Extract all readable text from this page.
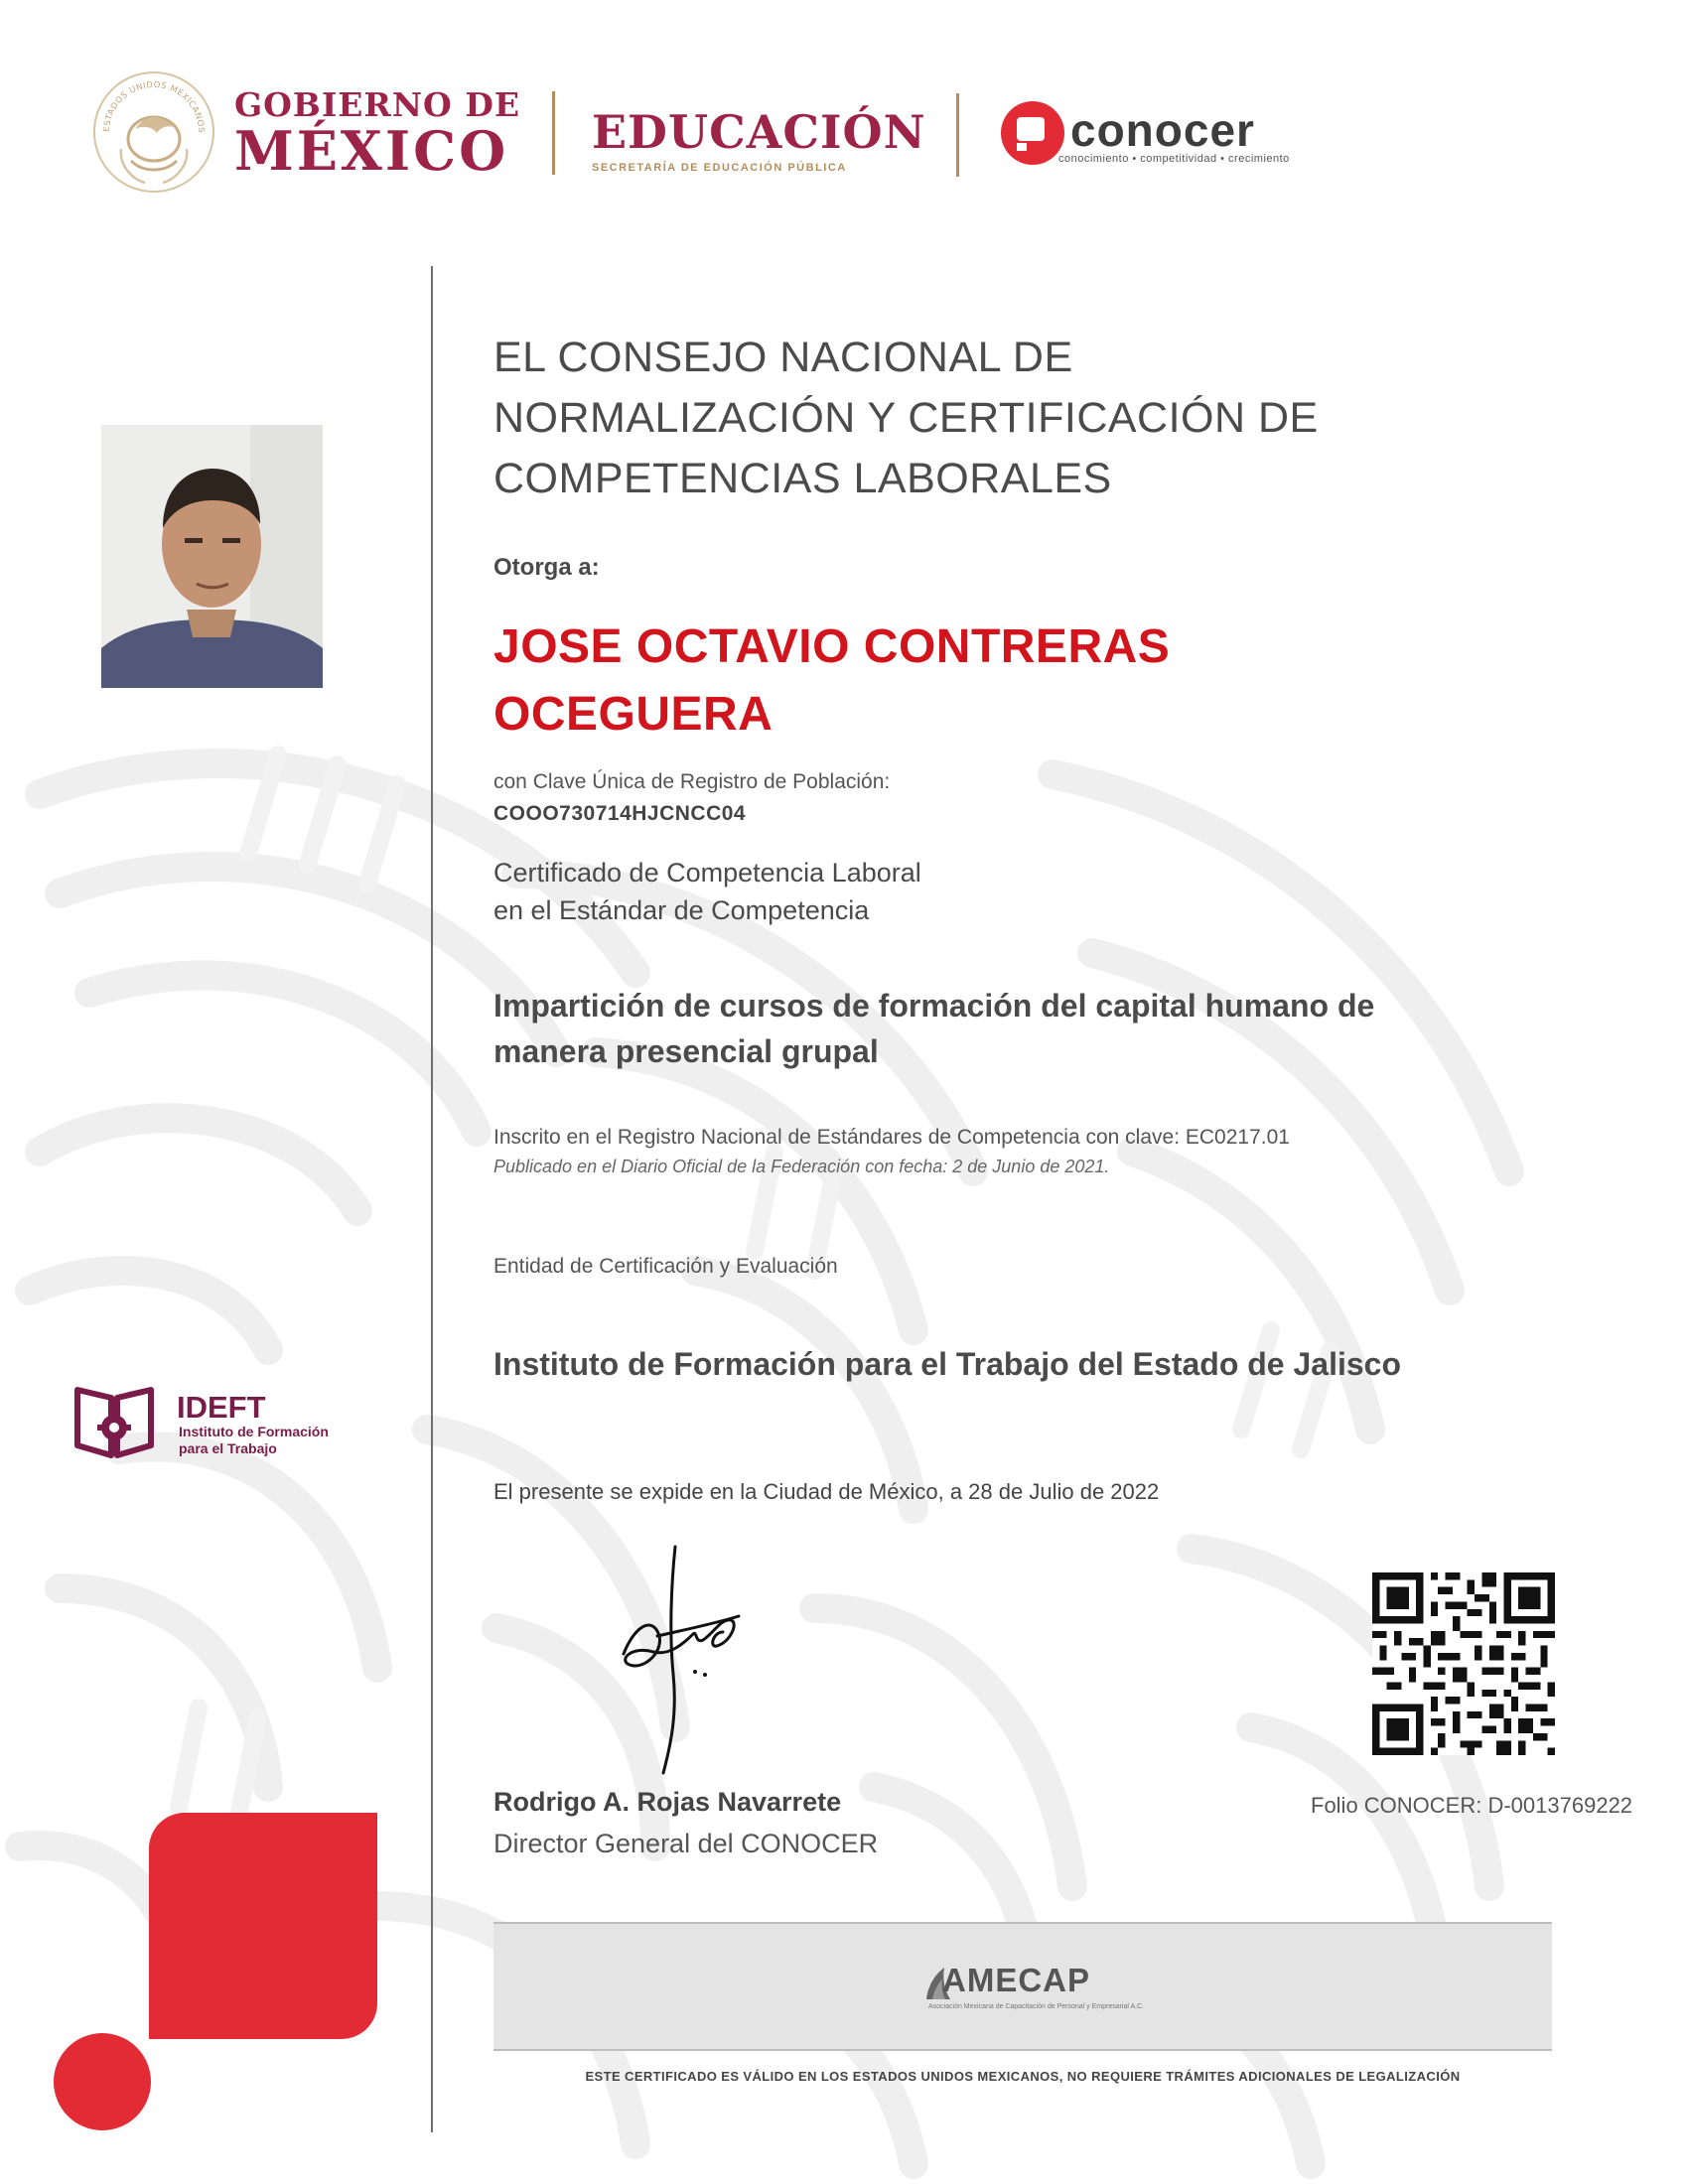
ESTADOS UNIDOS MEXICANOS
GOBIERNO DE
MÉXICO EDUCACIÓN
SECRETARÍA DE EDUCACIÓN PÚBLICA
conocer
conocimiento • competitividad • crecimiento
EL CONSEJO NACIONAL DE
NORMALIZACIÓN Y CERTIFICACIÓN DE
COMPETENCIAS LABORALES
Otorga a:
JOSE OCTAVIO CONTRERAS
OCEGUERA
con Clave Única de Registro de Población:
COOO730714HJCNCC04
Certificado de Competencia Laboral
en el Estándar de Competencia
Impartición de cursos de formación del capital humano de
manera presencial grupal
Inscrito en el Registro Nacional de Estándares de Competencia con clave: EC0217.01
Publicado en el Diario Oficial de la Federación con fecha: 2 de Junio de 2021.
Entidad de Certificación y Evaluación
Instituto de Formación para el Trabajo del Estado de Jalisco
El presente se expide en la Ciudad de México, a 28 de Julio de 2022
IDEFT
Instituto de Formación
para el Trabajo
Rodrigo A. Rojas Navarrete
Director General del CONOCER
Folio CONOCER: D-0013769222
AMECAP
Asociación Mexicana de Capacitación de Personal y Empresarial A.C.
ESTE CERTIFICADO ES VÁLIDO EN LOS ESTADOS UNIDOS MEXICANOS, NO REQUIERE TRÁMITES ADICIONALES DE LEGALIZACIÓN
